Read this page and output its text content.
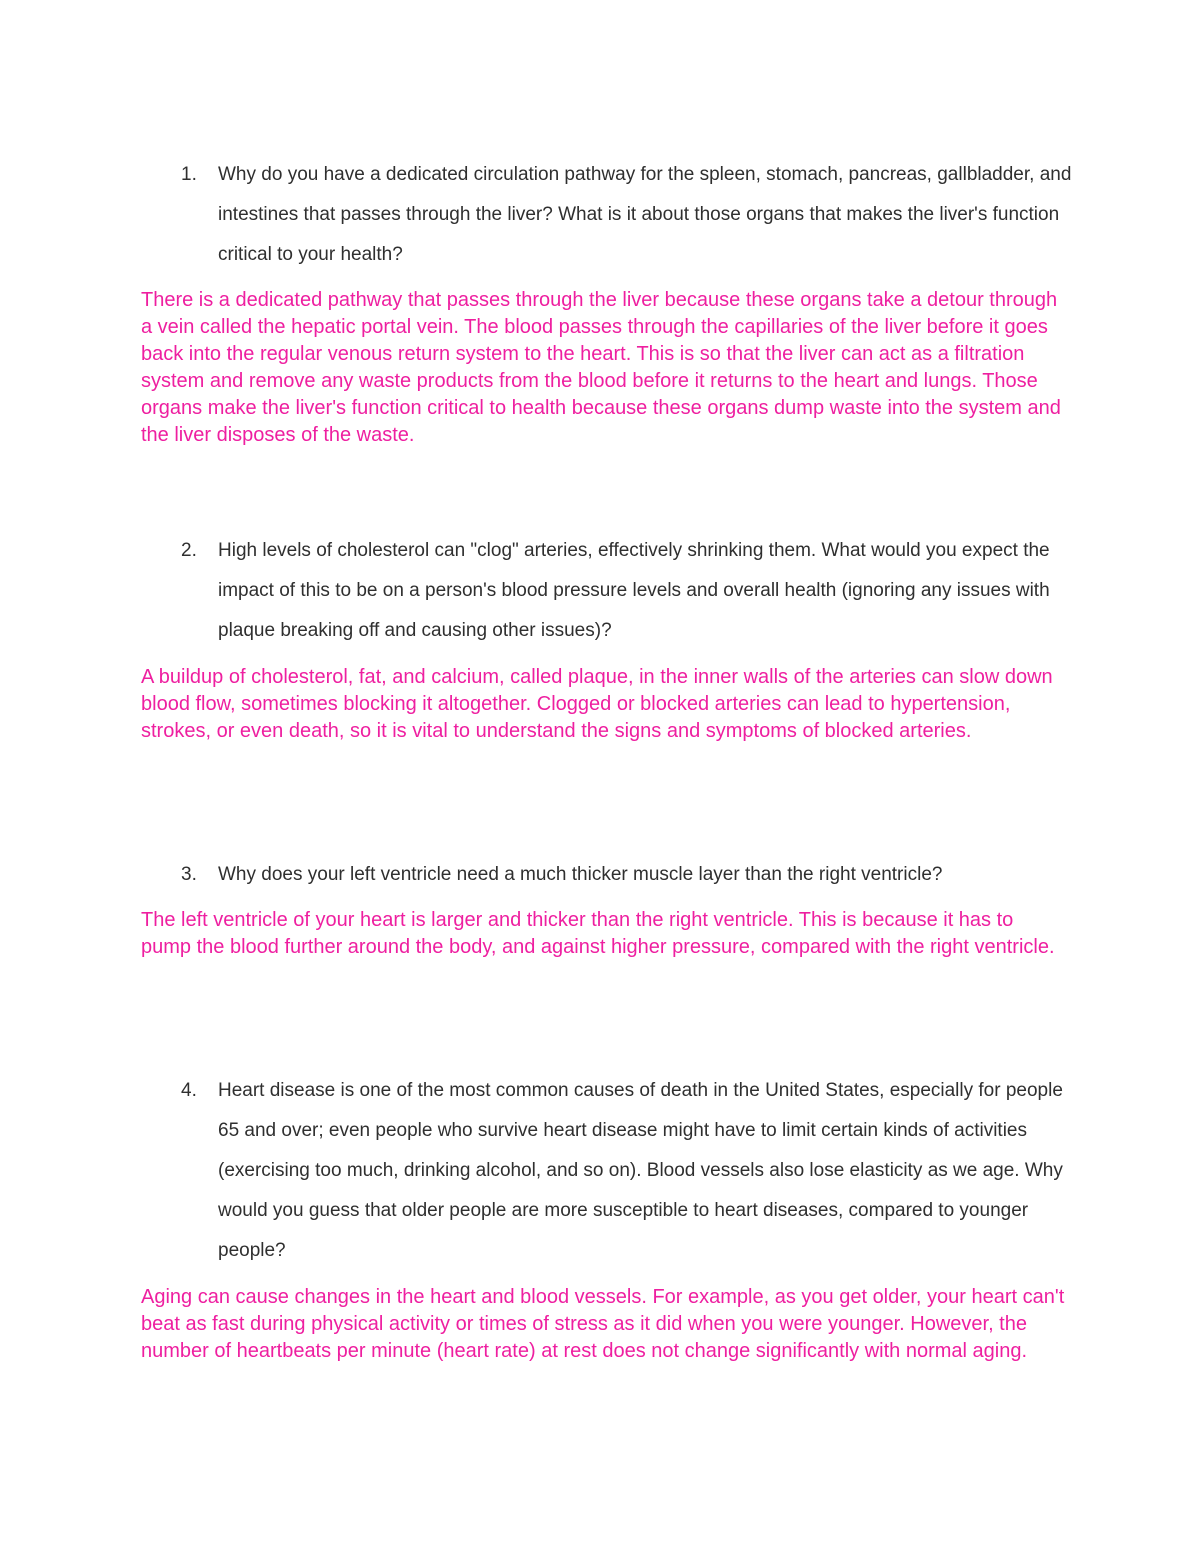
1.	Why do you have a dedicated circulation pathway for the spleen, stomach, pancreas, gallbladder, and intestines that passes through the liver? What is it about those organs that makes the liver's function critical to your health?
There is a dedicated pathway that passes through the liver because these organs take a detour through a vein called the hepatic portal vein. The blood passes through the capillaries of the liver before it goes back into the regular venous return system to the heart. This is so that the liver can act as a filtration system and remove any waste products from the blood before it returns to the heart and lungs. Those organs make the liver's function critical to health because these organs dump waste into the system and the liver disposes of the waste.
2.	High levels of cholesterol can "clog" arteries, effectively shrinking them. What would you expect the impact of this to be on a person's blood pressure levels and overall health (ignoring any issues with plaque breaking off and causing other issues)?
A buildup of cholesterol, fat, and calcium, called plaque, in the inner walls of the arteries can slow down blood flow, sometimes blocking it altogether. Clogged or blocked arteries can lead to hypertension, strokes, or even death, so it is vital to understand the signs and symptoms of blocked arteries.
3.	Why does your left ventricle need a much thicker muscle layer than the right ventricle?
The left ventricle of your heart is larger and thicker than the right ventricle. This is because it has to pump the blood further around the body, and against higher pressure, compared with the right ventricle.
4.	Heart disease is one of the most common causes of death in the United States, especially for people 65 and over; even people who survive heart disease might have to limit certain kinds of activities (exercising too much, drinking alcohol, and so on). Blood vessels also lose elasticity as we age. Why would you guess that older people are more susceptible to heart diseases, compared to younger people?
Aging can cause changes in the heart and blood vessels. For example, as you get older, your heart can't beat as fast during physical activity or times of stress as it did when you were younger. However, the number of heartbeats per minute (heart rate) at rest does not change significantly with normal aging.
